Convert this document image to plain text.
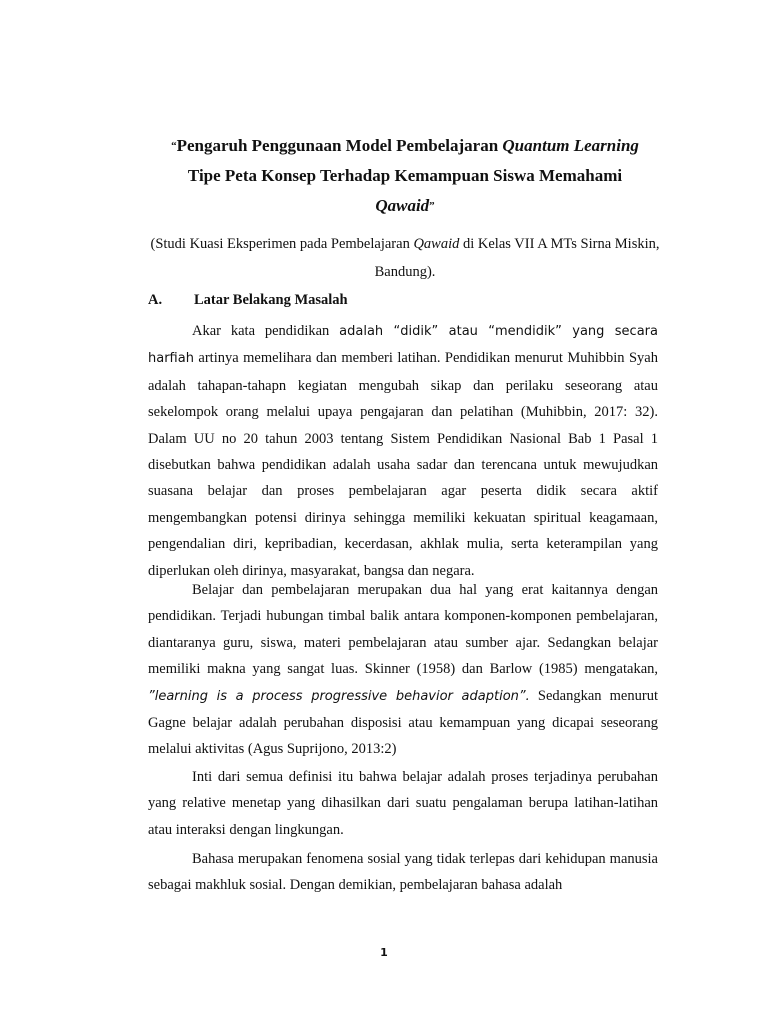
“Pengaruh Penggunaan Model Pembelajaran Quantum Learning
Tipe Peta Konsep Terhadap Kemampuan Siswa Memahami
Qawaid”
(Studi Kuasi Eksperimen pada Pembelajaran Qawaid di Kelas VII A MTs Sirna Miskin, Bandung).
A. Latar Belakang Masalah

Akar kata pendidikan adalah “didik” atau “mendidik” yang secara harfiah artinya memelihara dan memberi latihan. Pendidikan menurut Muhibbin Syah adalah tahapan-tahapn kegiatan mengubah sikap dan perilaku seseorang atau sekelompok orang melalui upaya pengajaran dan pelatihan (Muhibbin, 2017: 32). Dalam UU no 20 tahun 2003 tentang Sistem Pendidikan Nasional Bab 1 Pasal 1 disebutkan bahwa pendidikan adalah usaha sadar dan terencana untuk mewujudkan suasana belajar dan proses pembelajaran agar peserta didik secara aktif mengembangkan potensi dirinya sehingga memiliki kekuatan spiritual keagamaan, pengendalian diri, kepribadian, kecerdasan, akhlak mulia, serta keterampilan yang diperlukan oleh dirinya, masyarakat, bangsa dan negara.

Belajar dan pembelajaran merupakan dua hal yang erat kaitannya dengan pendidikan. Terjadi hubungan timbal balik antara komponen-komponen pembelajaran, diantaranya guru, siswa, materi pembelajaran atau sumber ajar. Sedangkan belajar memiliki makna yang sangat luas. Skinner (1958) dan Barlow (1985) mengatakan, ”learning is a process progressive behavior adaption”. Sedangkan menurut Gagne belajar adalah perubahan disposisi atau kemampuan yang dicapai seseorang melalui aktivitas (Agus Suprijono, 2013:2)

Inti dari semua definisi itu bahwa belajar adalah proses terjadinya perubahan yang relative menetap yang dihasilkan dari suatu pengalaman berupa latihan-latihan atau interaksi dengan lingkungan.

Bahasa merupakan fenomena sosial yang tidak terlepas dari kehidupan manusia sebagai makhluk sosial. Dengan demikian, pembelajaran bahasa adalah

1
